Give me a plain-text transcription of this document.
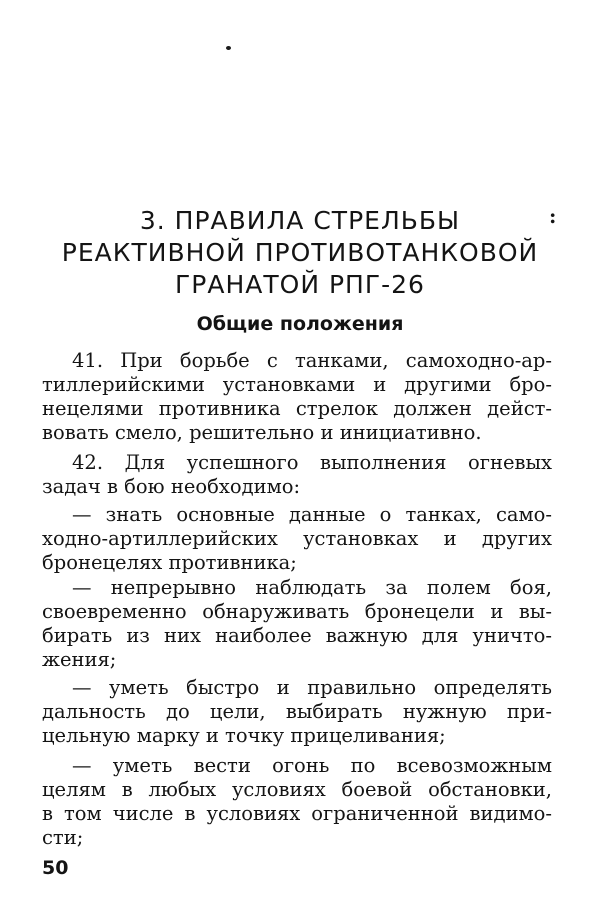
:
3. ПРАВИЛА СТРЕЛЬБЫ
РЕАКТИВНОЙ ПРОТИВОТАНКОВОЙ
ГРАНАТОЙ РПГ-26
Общие положения
41. При борьбе с танками, самоходно-ар-
тиллерийскими установками и другими бро-
нецелями противника стрелок должен дейст-
вовать смело, решительно и инициативно.
42. Для успешного выполнения огневых
задач в бою необходимо:
— знать основные данные о танках, само-
ходно-артиллерийских установках и других
бронецелях противника;
— непрерывно наблюдать за полем боя,
своевременно обнаруживать бронецели и вы-
бирать из них наиболее важную для уничто-
жения;
— уметь быстро и правильно определять
дальность до цели, выбирать нужную при-
цельную марку и точку прицеливания;
— уметь вести огонь по всевозможным
целям в любых условиях боевой обстановки,
в том числе в условиях ограниченной видимо-
сти;
50
